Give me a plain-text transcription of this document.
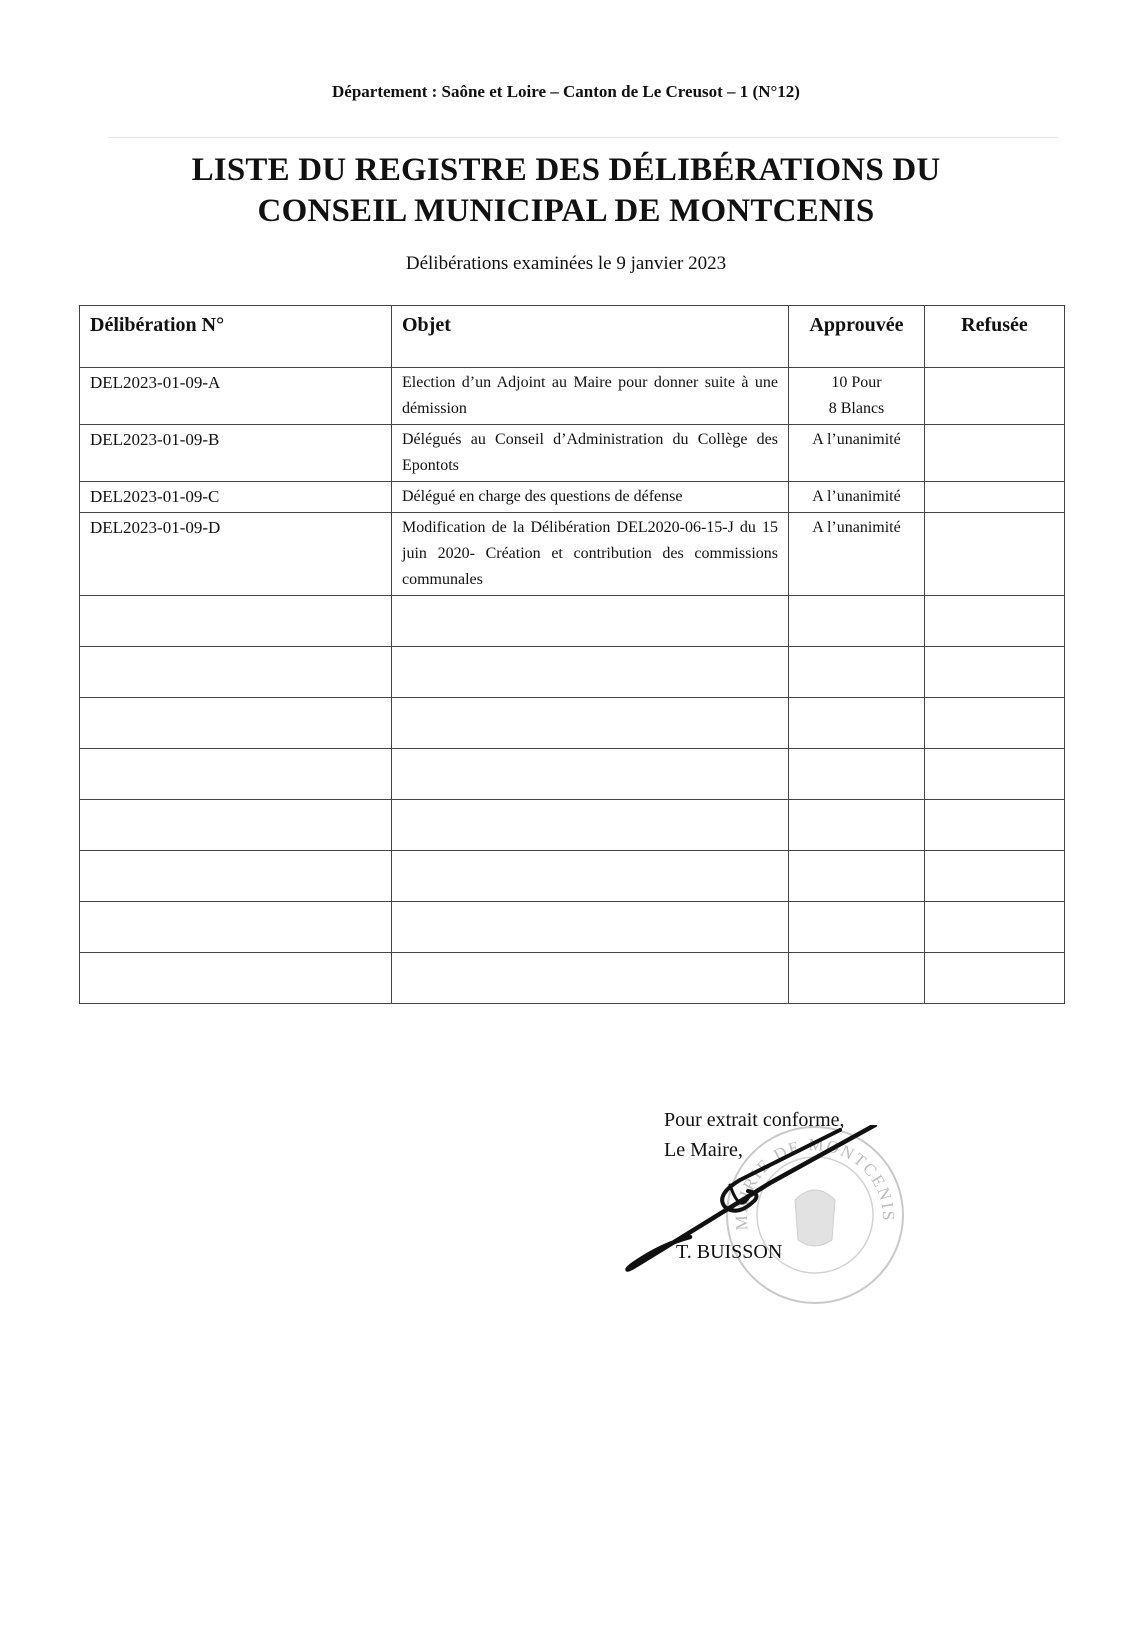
Département : Saône et Loire – Canton de Le Creusot – 1 (N°12)
LISTE DU REGISTRE DES DÉLIBÉRATIONS DU
CONSEIL MUNICIPAL DE MONTCENIS
Délibérations examinées le 9 janvier 2023
Délibération N°	Objet	Approuvée	Refusée
DEL2023-01-09-A	Election d’un Adjoint au Maire pour donner suite à une démission	10 Pour
8 Blancs	

DEL2023-01-09-B	Délégués au Conseil d’Administration du Collège des Epontots	A l’unanimité	
DEL2023-01-09-C	Délégué en charge des questions de défense	A l’unanimité	
DEL2023-01-09-D	Modification de la Délibération DEL2020-06-15-J du 15 juin 2020- Création et contribution des commissions communales	A l’unanimité	

MAIRIE DE MONTCENIS
Pour extrait conforme,
Le Maire,
T. BUISSON
